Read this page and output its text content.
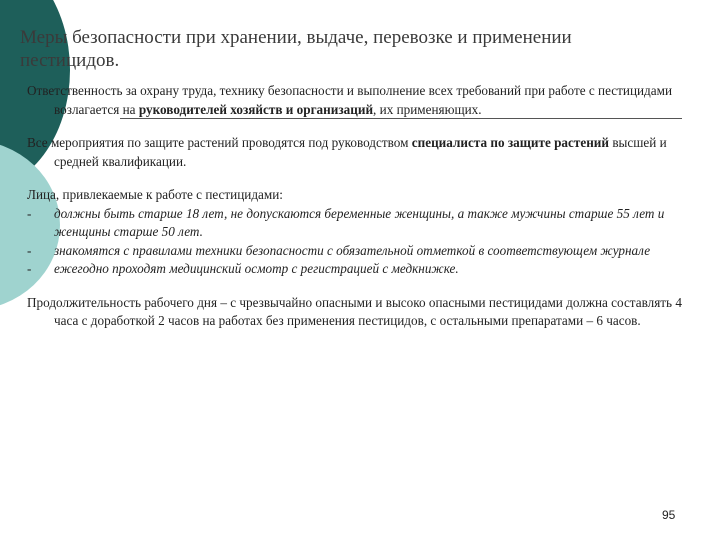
Меры безопасности при хранении, выдаче, перевозке и применении пестицидов.

Ответственность за охрану труда, технику безопасности и выполнение всех требований при работе с пестицидами возлагается на руководителей хозяйств и организаций, их применяющих.

Все мероприятия по защите растений проводятся под руководством специалиста по защите растений высшей и средней квалификации.

Лица, привлекаемые к работе с пестицидами:

- должны быть старше 18 лет, не допускаются беременные женщины, а также мужчины старше 55 лет и женщины старше 50 лет.

- знакомятся с правилами техники безопасности с обязательной отметкой в соответствующем журнале

- ежегодно проходят медицинский осмотр с регистрацией с медкнижке.

Продолжительность рабочего дня – с чрезвычайно опасными и высоко опасными пестицидами должна составлять 4 часа с доработкой 2 часов на работах без применения пестицидов, с остальными препаратами – 6 часов.

95
